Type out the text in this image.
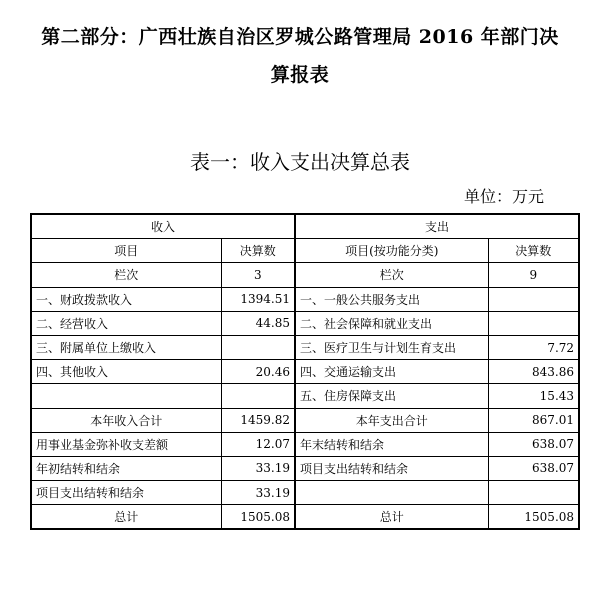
第二部分：广西壮族自治区罗城公路管理局 2016 年部门决
算报表
表一：收入支出决算总表
单位：万元
收入		支出	
项目	决算数	项目(按功能分类)	决算数
栏次	3	栏次	9
一、财政拨款收入	1394.51	一、一般公共服务支出	
二、经营收入	44.85	二、社会保障和就业支出	
三、附属单位上缴收入		三、医疗卫生与计划生育支出	7.72
四、其他收入	20.46	四、交通运输支出	843.86
		五、住房保障支出	15.43
本年收入合计	1459.82	本年支出合计	867.01
用事业基金弥补收支差额	12.07	年末结转和结余	638.07
年初结转和结余	33.19	项目支出结转和结余	638.07
项目支出结转和结余	33.19		
总计	1505.08	总计	1505.08
